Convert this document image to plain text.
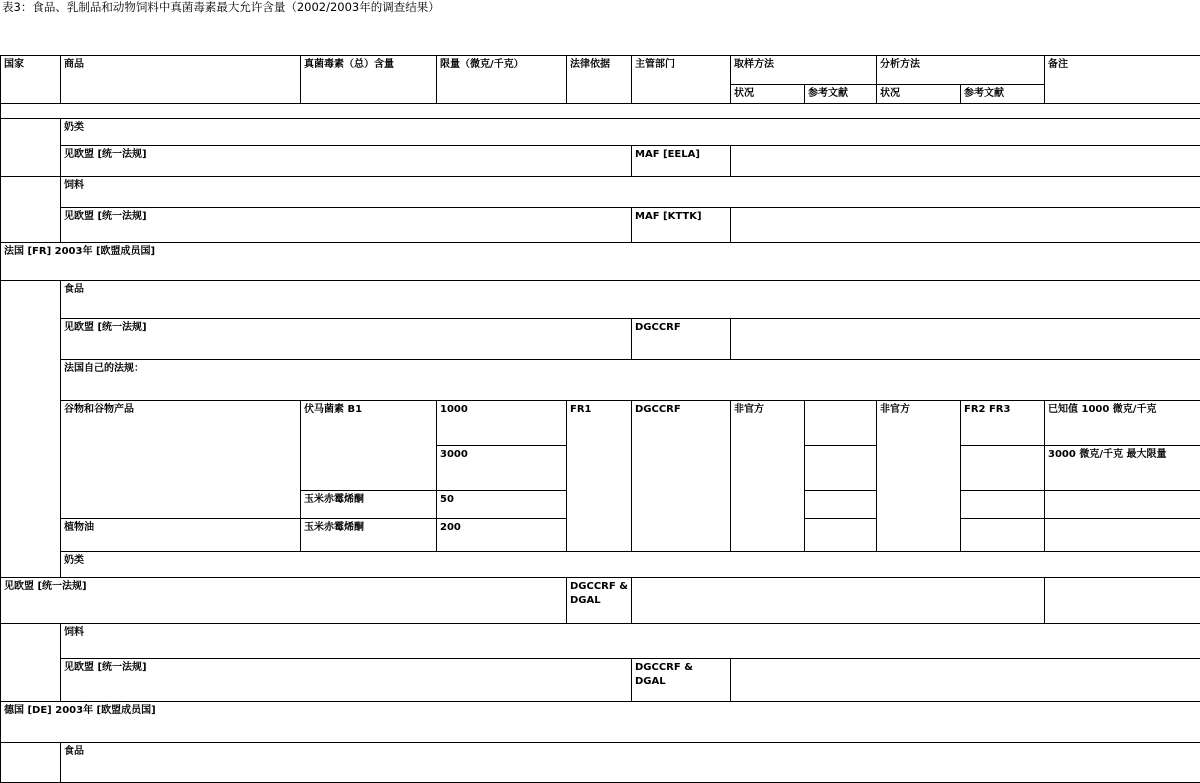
表3：食品、乳制品和动物饲料中真菌毒素最大允许含量（2002/2003年的调查结果）
国家	商品	真菌毒素（总）含量	限量（微克/千克）	法律依据	主管部门	取样方法		分析方法		备注
						状况	参考文献	状况	参考文献	

	奶类									
	见欧盟 [统一法规]				MAF [EELA]					
	饲料									
	见欧盟 [统一法规]				MAF [KTTK]					
法国 [FR] 2003年 [欧盟成员国]										
	食品									
	见欧盟 [统一法规]				DGCCRF					
	法国自己的法规：									
	谷物和谷物产品	伏马菌素 B1	1000	FR1	DGCCRF	非官方		非官方	FR2 FR3	已知值 1000 微克/千克
			3000							3000 微克/千克 最大限量
		玉米赤霉烯酮	50							
	植物油	玉米赤霉烯酮	200							
	奶类									
见欧盟 [统一法规]				DGCCRF & DGAL						
	饲料									
	见欧盟 [统一法规]				DGCCRF & DGAL					
德国 [DE] 2003年 [欧盟成员国]										
	食品									
